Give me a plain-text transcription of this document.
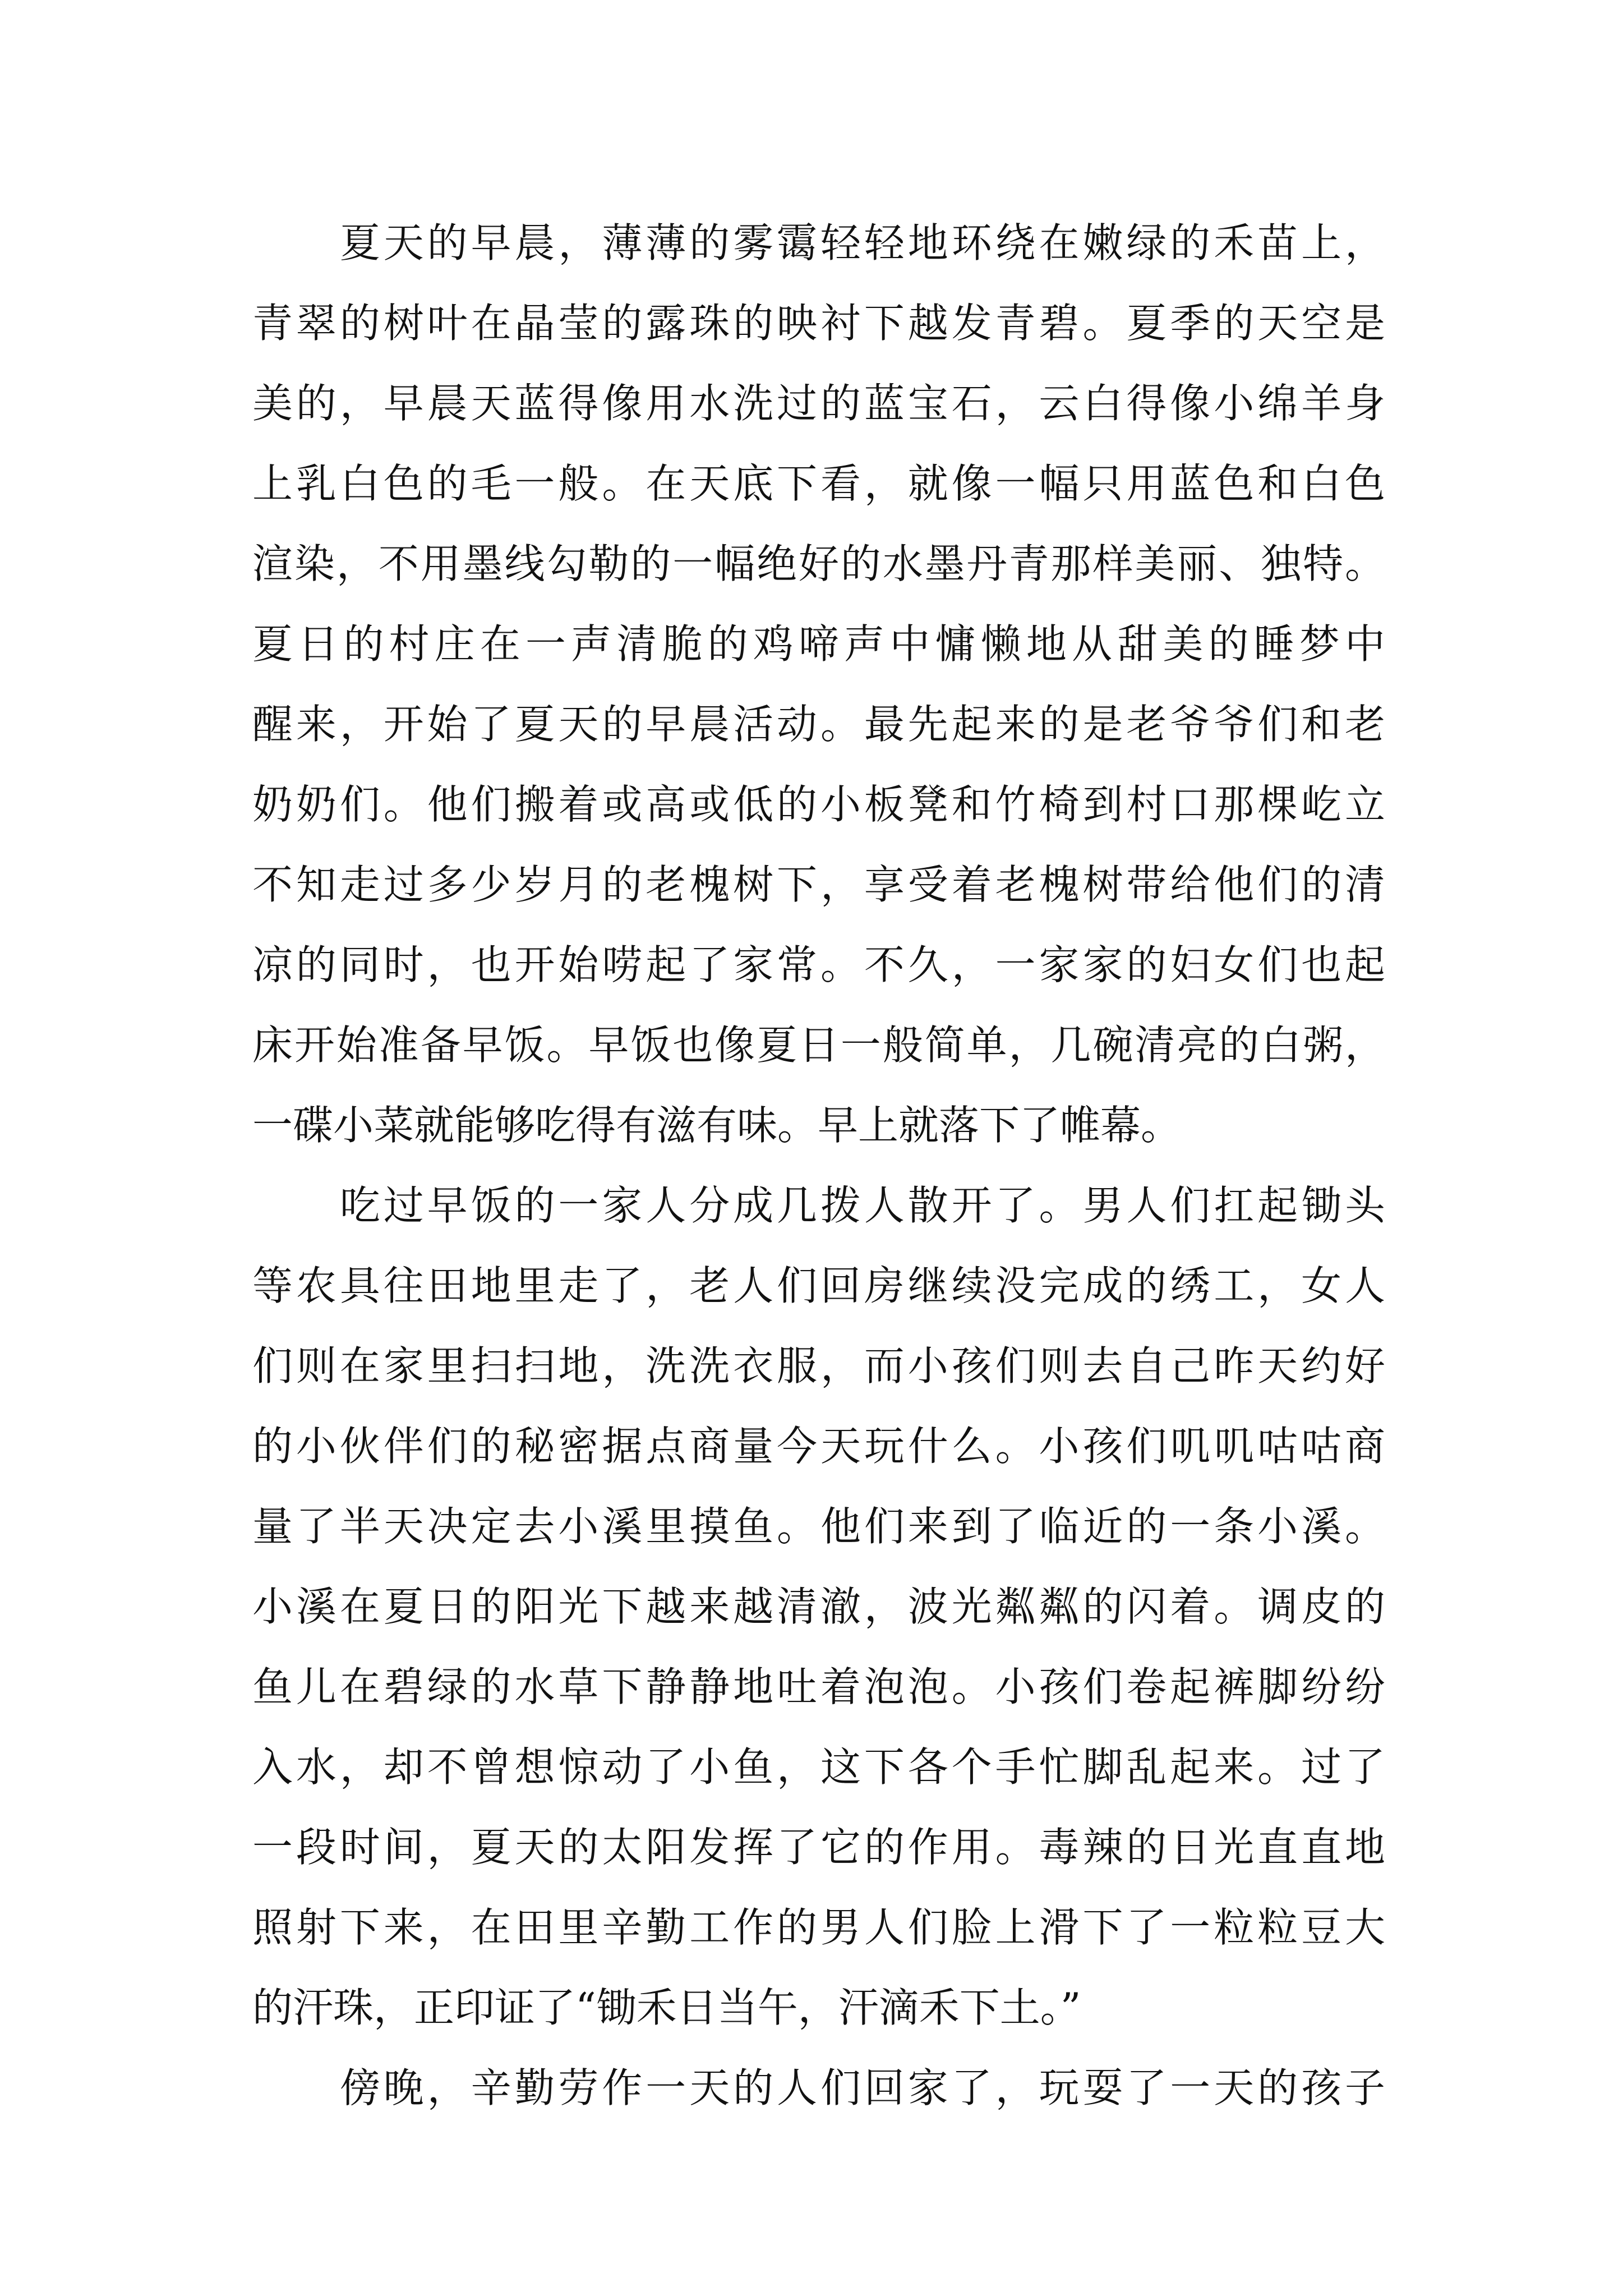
　　夏天的早晨，薄薄的雾霭轻轻地环绕在嫩绿的禾苗上，
青翠的树叶在晶莹的露珠的映衬下越发青碧。夏季的天空是
美的，早晨天蓝得像用水洗过的蓝宝石，云白得像小绵羊身
上乳白色的毛一般。在天底下看，就像一幅只用蓝色和白色
渲染，不用墨线勾勒的一幅绝好的水墨丹青那样美丽、独特。
夏日的村庄在一声清脆的鸡啼声中慵懒地从甜美的睡梦中
醒来，开始了夏天的早晨活动。最先起来的是老爷爷们和老
奶奶们。他们搬着或高或低的小板凳和竹椅到村口那棵屹立
不知走过多少岁月的老槐树下，享受着老槐树带给他们的清
凉的同时，也开始唠起了家常。不久，一家家的妇女们也起
床开始准备早饭。早饭也像夏日一般简单，几碗清亮的白粥，
一碟小菜就能够吃得有滋有味。早上就落下了帷幕。
　　吃过早饭的一家人分成几拨人散开了。男人们扛起锄头
等农具往田地里走了，老人们回房继续没完成的绣工，女人
们则在家里扫扫地，洗洗衣服，而小孩们则去自己昨天约好
的小伙伴们的秘密据点商量今天玩什么。小孩们叽叽咕咕商
量了半天决定去小溪里摸鱼。他们来到了临近的一条小溪。
小溪在夏日的阳光下越来越清澈，波光粼粼的闪着。调皮的
鱼儿在碧绿的水草下静静地吐着泡泡。小孩们卷起裤脚纷纷
入水，却不曾想惊动了小鱼，这下各个手忙脚乱起来。过了
一段时间，夏天的太阳发挥了它的作用。毒辣的日光直直地
照射下来，在田里辛勤工作的男人们脸上滑下了一粒粒豆大
的汗珠，正印证了“锄禾日当午，汗滴禾下土。”
　　傍晚，辛勤劳作一天的人们回家了，玩耍了一天的孩子
